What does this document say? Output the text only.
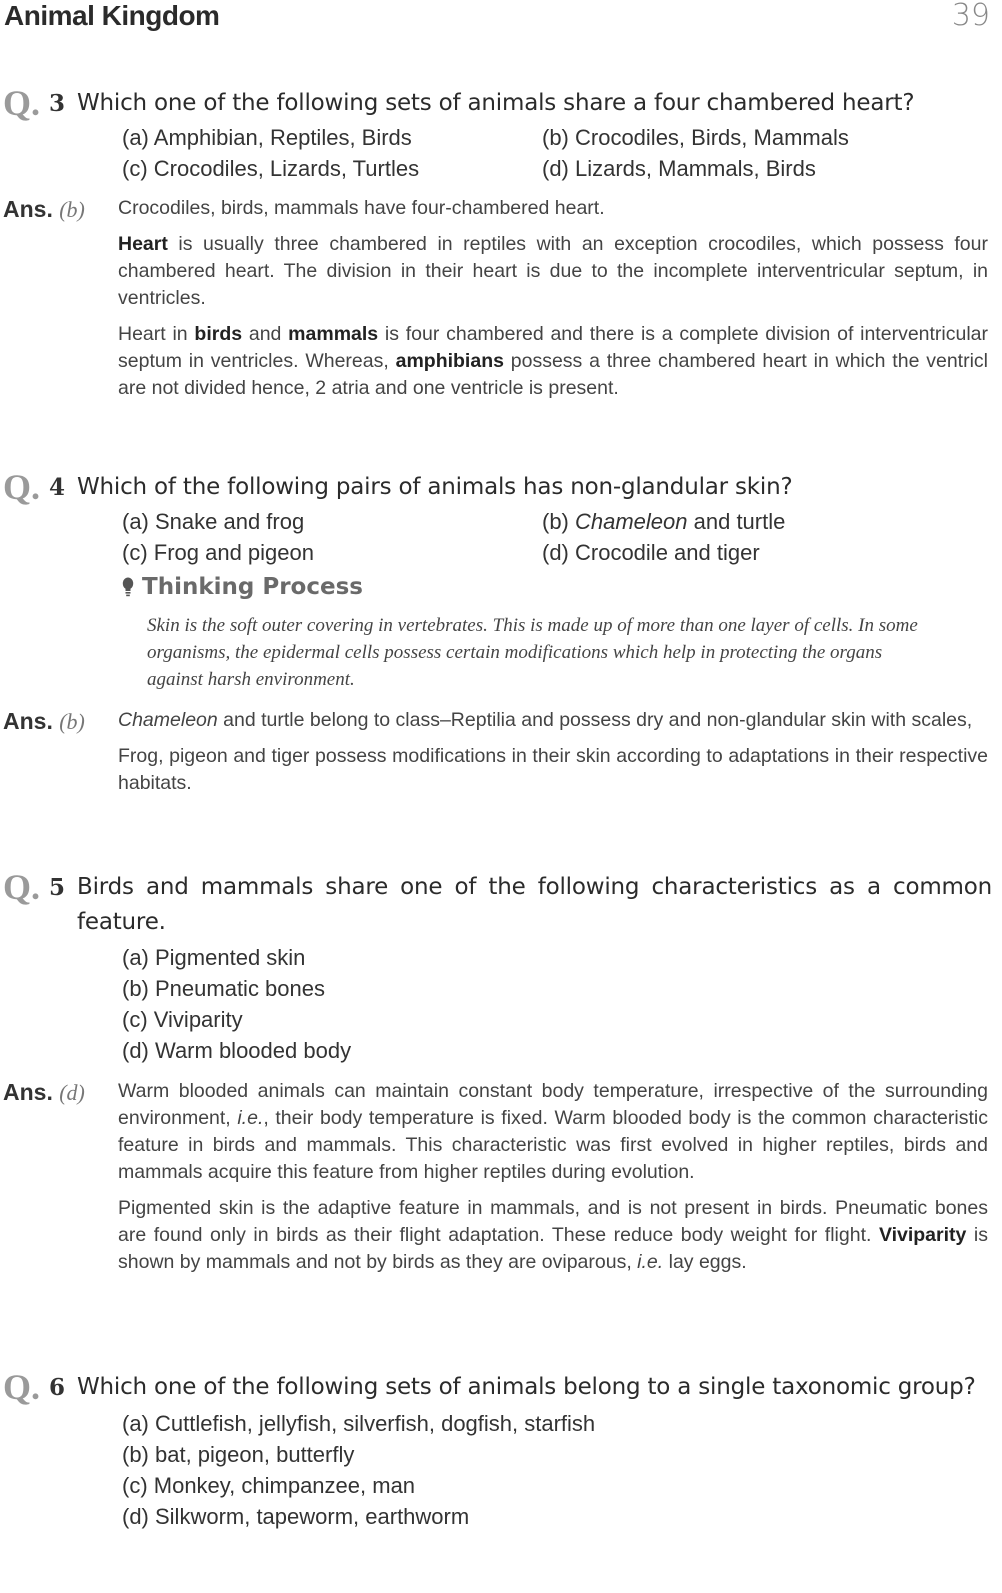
Animal Kingdom	39
Q. 3 Which one of the following sets of animals share a four chambered heart?
(a) Amphibian, Reptiles, Birds	(b) Crocodiles, Birds, Mammals
(c) Crocodiles, Lizards, Turtles	(d) Lizards, Mammals, Birds
Ans. (b)	Crocodiles, birds, mammals have four-chambered heart.

Heart is usually three chambered in reptiles with an exception crocodiles, which possess four chambered heart. The division in their heart is due to the incomplete interventricular septum, in ventricles.

Heart in birds and mammals is four chambered and there is a complete division of interventricular septum in ventricles. Whereas, amphibians possess a three chambered heart in which the ventricl are not divided hence, 2 atria and one ventricle is present.

Q. 4 Which of the following pairs of animals has non-glandular skin?
(a) Snake and frog	(b) Chameleon and turtle
(c) Frog and pigeon	(d) Crocodile and tiger
Thinking Process
Skin is the soft outer covering in vertebrates. This is made up of more than one layer of cells. In some organisms, the epidermal cells possess certain modifications which help in protecting the organs against harsh environment.
Ans. (b)	Chameleon and turtle belong to class–Reptilia and possess dry and non-glandular skin with scales,

Frog, pigeon and tiger possess modifications in their skin according to adaptations in their respective habitats.

Q. 5 Birds and mammals share one of the following characteristics as a common feature.
(a) Pigmented skin
(b) Pneumatic bones
(c) Viviparity
(d) Warm blooded body
Ans. (d)	Warm blooded animals can maintain constant body temperature, irrespective of the surrounding environment, i.e., their body temperature is fixed. Warm blooded body is the common characteristic feature in birds and mammals. This characteristic was first evolved in higher reptiles, birds and mammals acquire this feature from higher reptiles during evolution.

Pigmented skin is the adaptive feature in mammals, and is not present in birds. Pneumatic bones are found only in birds as their flight adaptation. These reduce body weight for flight. Viviparity is shown by mammals and not by birds as they are oviparous, i.e. lay eggs.

Q. 6 Which one of the following sets of animals belong to a single taxonomic group?
(a) Cuttlefish, jellyfish, silverfish, dogfish, starfish
(b) bat, pigeon, butterfly
(c) Monkey, chimpanzee, man
(d) Silkworm, tapeworm, earthworm
